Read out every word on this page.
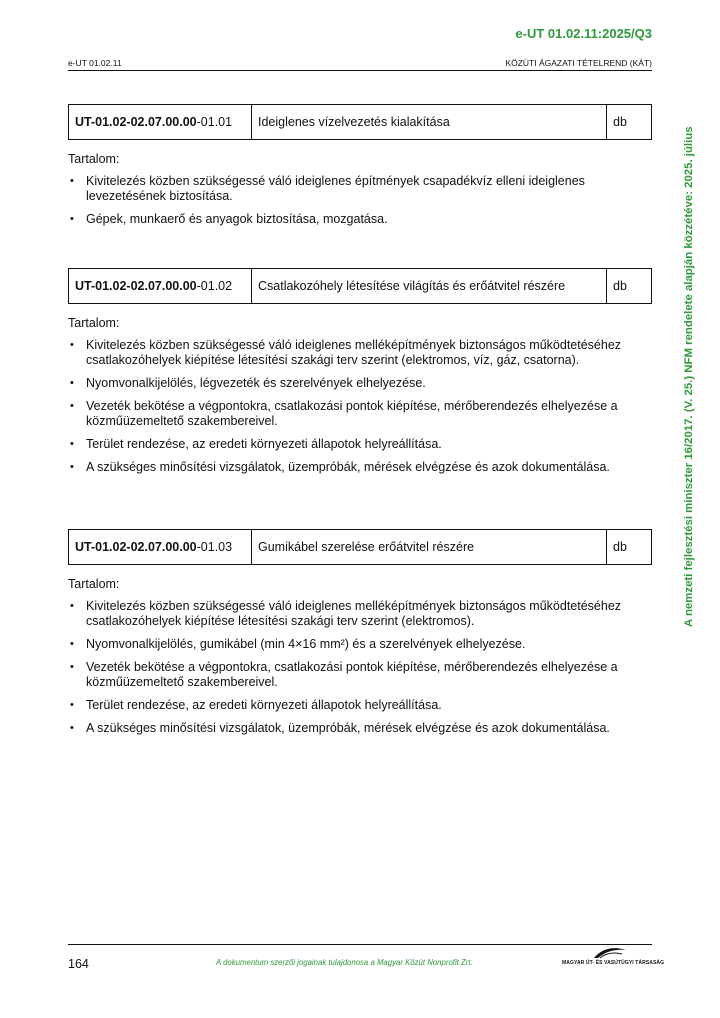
e-UT 01.02.11:2025/Q3
e-UT 01.02.11	KÖZÚTI ÁGAZATI TÉTELREND (KÁT)
A nemzeti fejlesztési miniszter 16/2017. (V. 25.) NFM rendelete alapján közzétéve: 2025. július
UT-01.02-02.07.00.00-01.01	Ideiglenes vízelvezetés kialakítása	db
Tartalom:
• Kivitelezés közben szükségessé váló ideiglenes építmények csapadékvíz elleni ideiglenes levezetésének biztosítása.
• Gépek, munkaerő és anyagok biztosítása, mozgatása.
UT-01.02-02.07.00.00-01.02	Csatlakozóhely létesítése világítás és erőátvitel részére	db
Tartalom:
• Kivitelezés közben szükségessé váló ideiglenes melléképítmények biztonságos működtetéséhez csatlakozóhelyek kiépítése létesítési szakági terv szerint (elektromos, víz, gáz, csatorna).
• Nyomvonalkijelölés, légvezeték és szerelvények elhelyezése.
• Vezeték bekötése a végpontokra, csatlakozási pontok kiépítése, mérőberendezés elhelyezése a közműüzemeltető szakembereivel.
• Terület rendezése, az eredeti környezeti állapotok helyreállítása.
• A szükséges minősítési vizsgálatok, üzempróbák, mérések elvégzése és azok dokumentálása.
UT-01.02-02.07.00.00-01.03	Gumikábel szerelése erőátvitel részére	db
Tartalom:
• Kivitelezés közben szükségessé váló ideiglenes melléképítmények biztonságos működtetéséhez csatlakozóhelyek kiépítése létesítési szakági terv szerint (elektromos).
• Nyomvonalkijelölés, gumikábel (min 4×16 mm²) és a szerelvények elhelyezése.
• Vezeték bekötése a végpontokra, csatlakozási pontok kiépítése, mérőberendezés elhelyezése a közműüzemeltető szakembereivel.
• Terület rendezése, az eredeti környezeti állapotok helyreállítása.
• A szükséges minősítési vizsgálatok, üzempróbák, mérések elvégzése és azok dokumentálása.
164	A dokumentum szerzői jogainak tulajdonosa a Magyar Közút Nonprofit Zrt.	MAGYAR ÚT- ÉS VASÚTÜGYI TÁRSASÁG
